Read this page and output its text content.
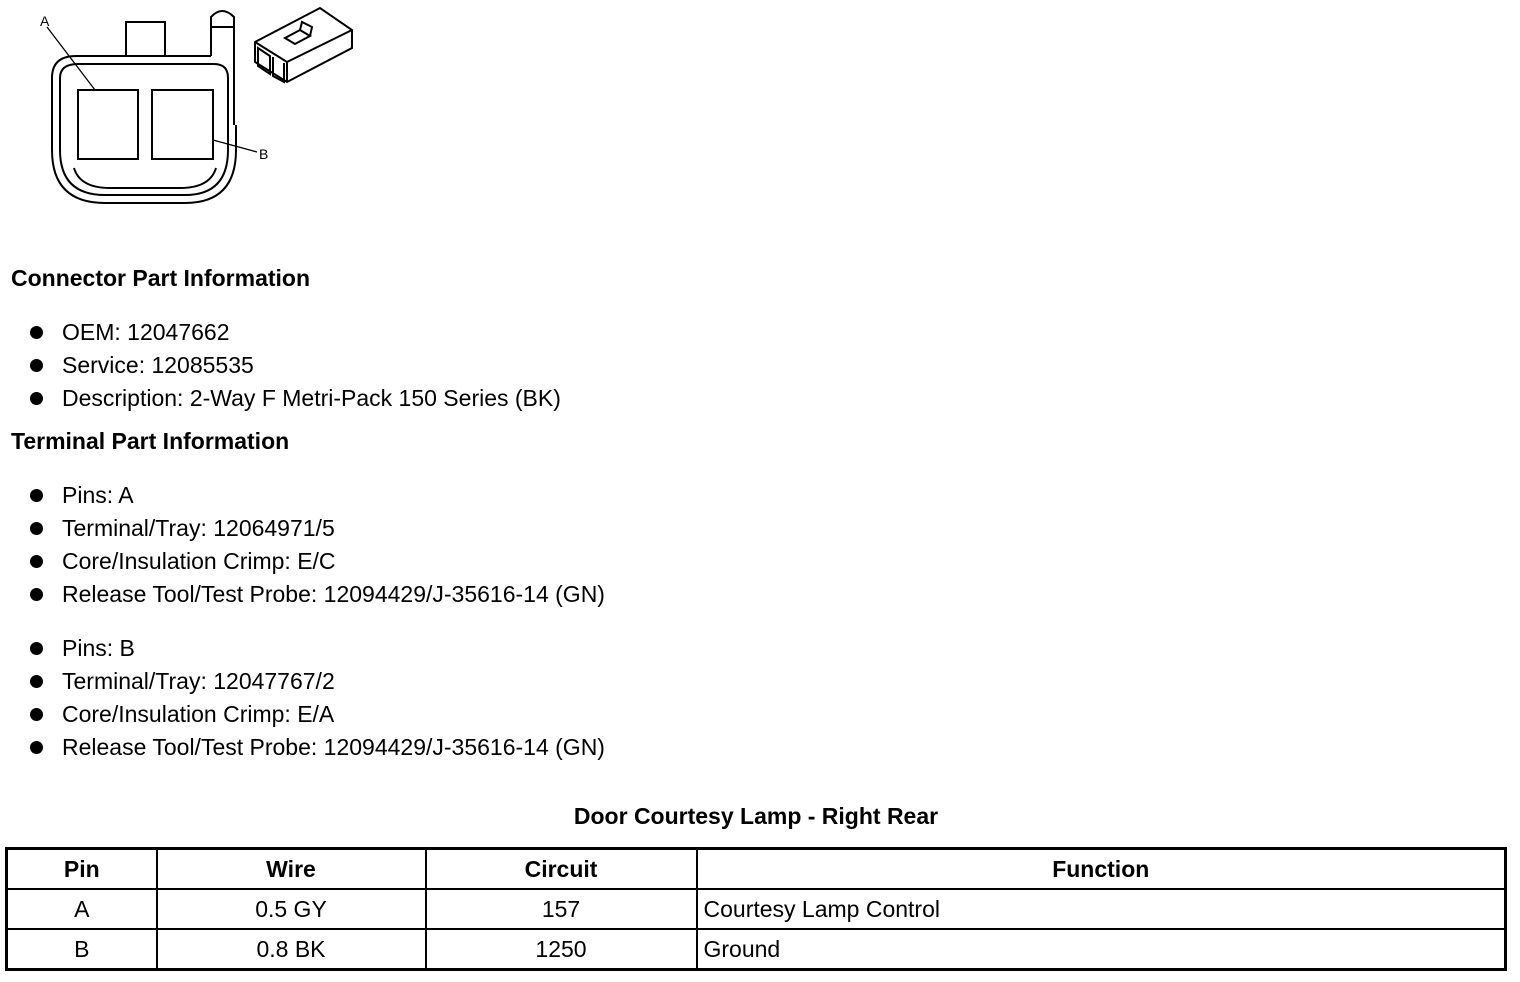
A
B
Connector Part Information
OEM: 12047662
Service: 12085535
Description: 2-Way F Metri-Pack 150 Series (BK)
Terminal Part Information
Pins: A
Terminal/Tray: 12064971/5
Core/Insulation Crimp: E/C
Release Tool/Test Probe: 12094429/J-35616-14 (GN)
Pins: B
Terminal/Tray: 12047767/2
Core/Insulation Crimp: E/A
Release Tool/Test Probe: 12094429/J-35616-14 (GN)
Door Courtesy Lamp - Right Rear
Pin	Wire	Circuit	Function
A	0.5 GY	157	Courtesy Lamp Control
B	0.8 BK	1250	Ground
